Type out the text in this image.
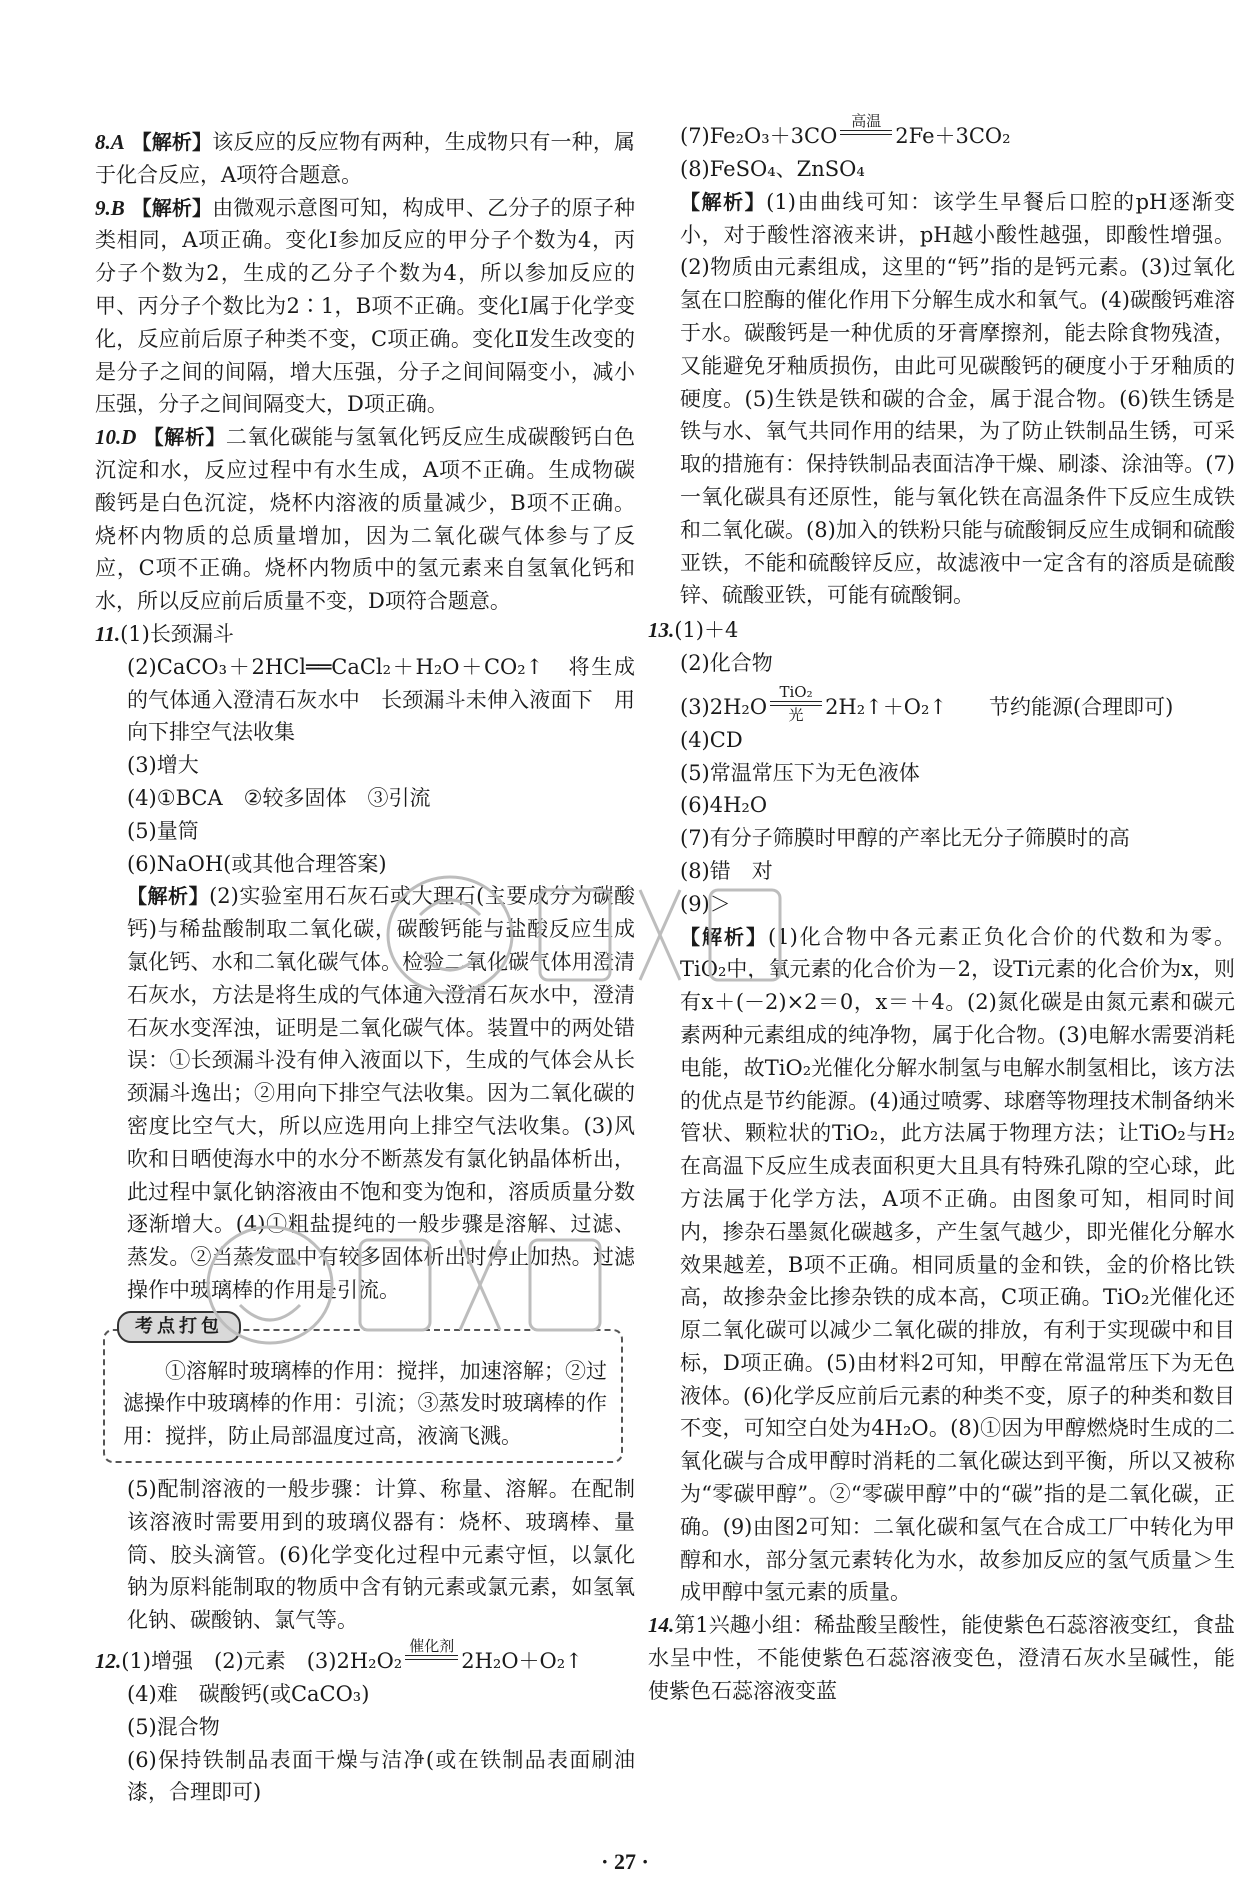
8.A 【解析】该反应的反应物有两种，生成物只有一种，属于化合反应，A项符合题意。

9.B 【解析】由微观示意图可知，构成甲、乙分子的原子种类相同，A项正确。变化Ⅰ参加反应的甲分子个数为4，丙分子个数为2，生成的乙分子个数为4，所以参加反应的甲、丙分子个数比为2∶1，B项不正确。变化Ⅰ属于化学变化，反应前后原子种类不变，C项正确。变化Ⅱ发生改变的是分子之间的间隔，增大压强，分子之间间隔变小，减小压强，分子之间间隔变大，D项正确。

10.D 【解析】二氧化碳能与氢氧化钙反应生成碳酸钙白色沉淀和水，反应过程中有水生成，A项不正确。生成物碳酸钙是白色沉淀，烧杯内溶液的质量减少，B项不正确。烧杯内物质的总质量增加，因为二氧化碳气体参与了反应，C项不正确。烧杯内物质中的氢元素来自氢氧化钙和水，所以反应前后质量不变，D项符合题意。

11.(1)长颈漏斗

(2)CaCO₃＋2HCl══CaCl₂＋H₂O＋CO₂↑ 将生成的气体通入澄清石灰水中　长颈漏斗未伸入液面下　用向下排空气法收集

(3)增大

(4)①BCA　②较多固体　③引流

(5)量筒

(6)NaOH(或其他合理答案)

【解析】(2)实验室用石灰石或大理石(主要成分为碳酸钙)与稀盐酸制取二氧化碳，碳酸钙能与盐酸反应生成氯化钙、水和二氧化碳气体。检验二氧化碳气体用澄清石灰水，方法是将生成的气体通入澄清石灰水中，澄清石灰水变浑浊，证明是二氧化碳气体。装置中的两处错误：①长颈漏斗没有伸入液面以下，生成的气体会从长颈漏斗逸出；②用向下排空气法收集。因为二氧化碳的密度比空气大，所以应选用向上排空气法收集。(3)风吹和日晒使海水中的水分不断蒸发有氯化钠晶体析出，此过程中氯化钠溶液由不饱和变为饱和，溶质质量分数逐渐增大。(4)①粗盐提纯的一般步骤是溶解、过滤、蒸发。②当蒸发皿中有较多固体析出时停止加热。过滤操作中玻璃棒的作用是引流。

考点打包

①溶解时玻璃棒的作用：搅拌，加速溶解；②过滤操作中玻璃棒的作用：引流；③蒸发时玻璃棒的作用：搅拌，防止局部温度过高，液滴飞溅。

(5)配制溶液的一般步骤：计算、称量、溶解。在配制该溶液时需要用到的玻璃仪器有：烧杯、玻璃棒、量筒、胶头滴管。(6)化学变化过程中元素守恒，以氯化钠为原料能制取的物质中含有钠元素或氯元素，如氢氧化钠、碳酸钠、氯气等。

12. (1)增强　(2)元素　(3)2H₂O₂
催化剂
2H₂O＋O₂↑

(4)难　碳酸钙(或CaCO₃)

(5)混合物

(6)保持铁制品表面干燥与洁净(或在铁制品表面刷油漆，合理即可)

(7)Fe₂O₃＋3CO
高温
2Fe＋3CO₂

(8)FeSO₄、ZnSO₄

【解析】(1)由曲线可知：该学生早餐后口腔的pH逐渐变小，对于酸性溶液来讲，pH越小酸性越强，即酸性增强。(2)物质由元素组成，这里的“钙”指的是钙元素。(3)过氧化氢在口腔酶的催化作用下分解生成水和氧气。(4)碳酸钙难溶于水。碳酸钙是一种优质的牙膏摩擦剂，能去除食物残渣，又能避免牙釉质损伤，由此可见碳酸钙的硬度小于牙釉质的硬度。(5)生铁是铁和碳的合金，属于混合物。(6)铁生锈是铁与水、氧气共同作用的结果，为了防止铁制品生锈，可采取的措施有：保持铁制品表面洁净干燥、刷漆、涂油等。(7)一氧化碳具有还原性，能与氧化铁在高温条件下反应生成铁和二氧化碳。(8)加入的铁粉只能与硫酸铜反应生成铜和硫酸亚铁，不能和硫酸锌反应，故滤液中一定含有的溶质是硫酸锌、硫酸亚铁，可能有硫酸铜。

13.(1)＋4

(2)化合物

(3)2H₂O
TiO₂
光 2H₂↑＋O₂↑　　节约能源(合理即可)

(4)CD

(5)常温常压下为无色液体

(6)4H₂O

(7)有分子筛膜时甲醇的产率比无分子筛膜时的高

(8)错　对

(9)＞

【解析】(1)化合物中各元素正负化合价的代数和为零。TiO₂中，氧元素的化合价为－2，设Ti元素的化合价为x，则有x＋(－2)×2＝0，x＝＋4。(2)氮化碳是由氮元素和碳元素两种元素组成的纯净物，属于化合物。(3)电解水需要消耗电能，故TiO₂光催化分解水制氢与电解水制氢相比，该方法的优点是节约能源。(4)通过喷雾、球磨等物理技术制备纳米管状、颗粒状的TiO₂，此方法属于物理方法；让TiO₂与H₂在高温下反应生成表面积更大且具有特殊孔隙的空心球，此方法属于化学方法，A项不正确。由图象可知，相同时间内，掺杂石墨氮化碳越多，产生氢气越少，即光催化分解水效果越差，B项不正确。相同质量的金和铁，金的价格比铁高，故掺杂金比掺杂铁的成本高，C项正确。TiO₂光催化还原二氧化碳可以减少二氧化碳的排放，有利于实现碳中和目标，D项正确。(5)由材料2可知，甲醇在常温常压下为无色液体。(6)化学反应前后元素的种类不变，原子的种类和数目不变，可知空白处为4H₂O。(8)①因为甲醇燃烧时生成的二氧化碳与合成甲醇时消耗的二氧化碳达到平衡，所以又被称为“零碳甲醇”。②“零碳甲醇”中的“碳”指的是二氧化碳，正确。(9)由图2可知：二氧化碳和氢气在合成工厂中转化为甲醇和水，部分氢元素转化为水，故参加反应的氢气质量＞生成甲醇中氢元素的质量。

14.第1兴趣小组：稀盐酸呈酸性，能使紫色石蕊溶液变红，食盐水呈中性，不能使紫色石蕊溶液变色，澄清石灰水呈碱性，能使紫色石蕊溶液变蓝

· 27 ·
